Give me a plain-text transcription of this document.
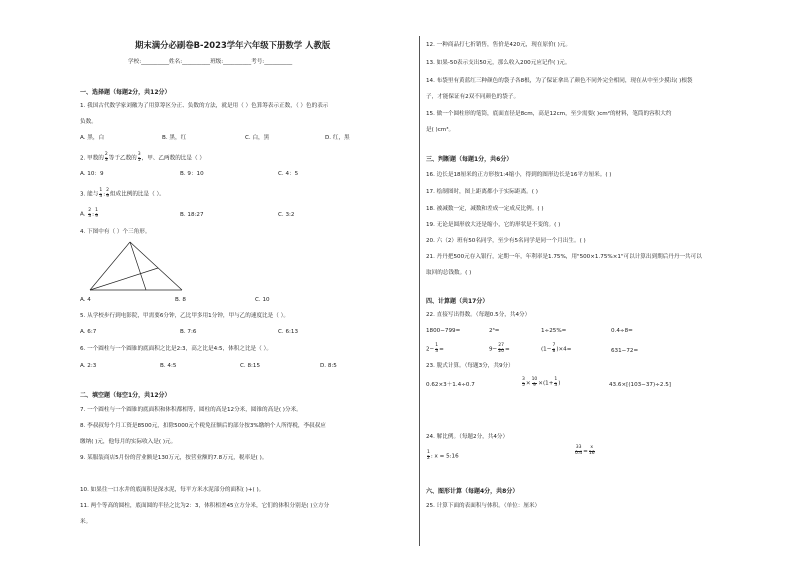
期末满分必刷卷B-2023学年六年级下册数学 人教版
学校:__________姓名:__________班级:__________考号:__________
一、选择题（每题2分，共12分）
1. 我国古代数学家刘徽为了用算筹区分正、负数的方法，就是用（ ）色算筹表示正数，（ ）色的表示
负数。
A. 黑，白	B. 黑，红	C. 白，黑	D. 红，黑
2. 甲数的 $\frac{2}{3}$ 等于乙数的 $\frac{3}{5}$ ，甲、乙两数的比是（ ）
A. 10：9	B. 9：10	C. 4：5
3. 能与 $\frac{1}{3}$ : $\frac{2}{9}$ 组成比例的比是（ ）。
A. $\frac{2}{3}$ : $\frac{1}{9}$	B. 18:27	C. 3:2
4. 下图中有（ ）个三角形。
A. 4	B. 8	C. 10
5. 从学校步行到电影院，甲需要6分钟，乙比甲多用1分钟，甲与乙的速度比是（ ）。
A. 6:7	B. 7:6	C. 6:13
6. 一个圆柱与一个圆锥的底面积之比是2:3，高之比是4:5，体积之比是（ ）。
A. 2:3	B. 4:5	C. 8:15	D. 8:5
二、填空题（每空1分，共12分）
7. 一个圆柱与一个圆锥的底面积和体积都相等，圆柱的高是12分米，圆锥的高是( )分米。
8. 李叔叔每个月工资是8500元，扣除5000元个税免征额后的部分按3%缴纳个人所得税，李叔叔应
缴纳( )元，他每月的实际收入是( )元。
9. 某服装商店5月份的营业额是130万元，按营业额的7.8万元，税率是( )。
10. 如果往一口水井的底面积是深水泥，每平方米水泥部分的面积( )+( )。
11. 两个等高的圆柱，底面圆的半径之比为2：3，体积相差45立方分米，它们的体积分别是( )立方分
米。
12. 一种商品打七折销售，售价是420元，现在原价( )元。
13. 如果-50表示支出50元，那么收入200元应记作( )元。
14. 布袋里有黄蓝红三种颜色的袋子各8根，为了保证拿出了颜色不同外完全相同，现在从中至少摸出( )根袋
子，才能保证有2双不同颜色的袋子。
15. 做一个圆柱形的笔筒，底面直径是8cm，高是12cm，至少需要( )cm²的材料，笔筒的容积大约
是( )cm³。
三、判断题（每题1分，共6分）
16. 边长是18厘米的正方形按1:4缩小，得到的图形边长是16平方厘米。( )
17. 绘制图时，图上距离都小于实际距离。( )
18. 被减数一定，减数和差成一定成反比例。( )
19. 无论是圆形放大还是缩小，它的形状是不变的。( )
20. 六（2）班有50名同学，至少有5名同学是同一个月出生。( )
21. 丹丹把500元存入银行，定期一年，年利率是1.75%，用"500×1.75%×1"可以计算出到期后丹丹一共可以
取回的总钱数。( )
四、计算题（共17分）
22. 直接写出得数。（每题0.5分，共4分）
1800−799=	2³=	1÷25%=	0.4÷8=
$2- \frac{1}{3}$ =	$9- \frac{27}{20}$ =	$(1- \frac{7}{8} )\times 4=$	631−72=
23. 脱式计算。（每题3分，共9分）
0.62×3＋1.4÷0.7	$\frac{3}{5} \times \frac{10}{9} \times(1+ \frac{1}{3}$ )	43.6×[(103−37)÷2.5]
24. 解比例。（每题2分，共4分）
$\frac{1}{2}$ : x = 5:16
$\frac{33}{0.4} = \frac{x}{16}$
六、图形计算（每题4分，共8分）
25. 计算下面的表面积与体积。（单位：厘米）
